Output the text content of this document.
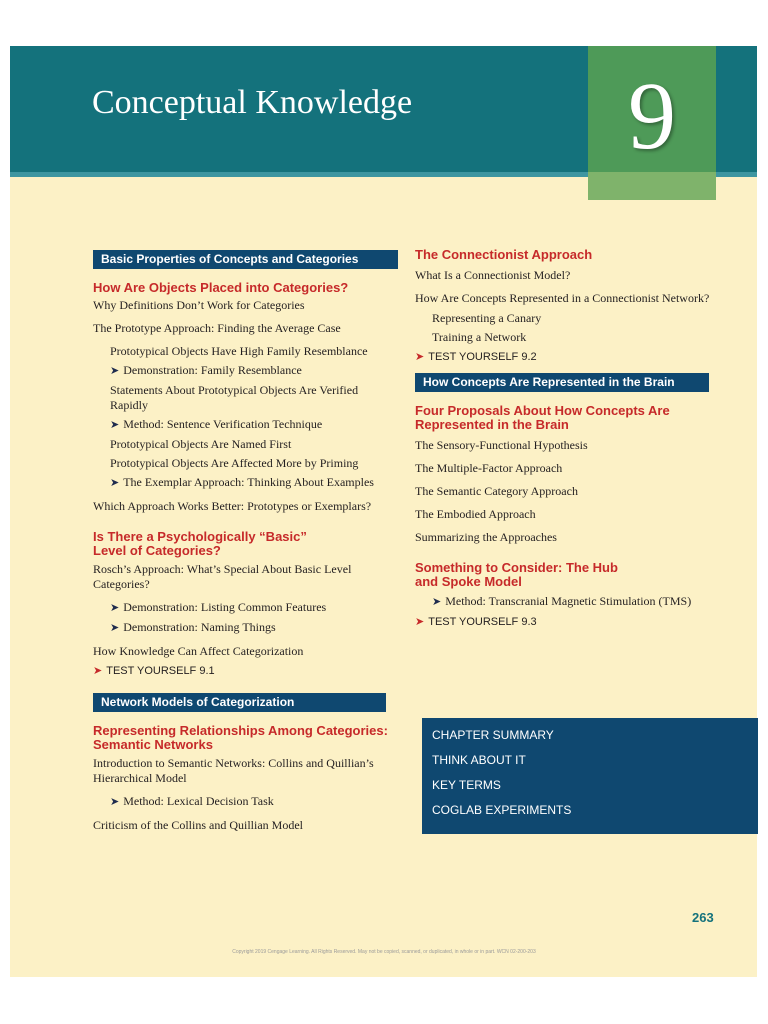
Conceptual Knowledge	9
Basic Properties of Concepts and Categories
How Are Objects Placed into Categories?
Why Definitions Don’t Work for Categories
The Prototype Approach: Finding the Average Case
Prototypical Objects Have High Family Resemblance
➤ Demonstration: Family Resemblance
Statements About Prototypical Objects Are Verified Rapidly
➤ Method: Sentence Verification Technique
Prototypical Objects Are Named First
Prototypical Objects Are Affected More by Priming
➤ The Exemplar Approach: Thinking About Examples
Which Approach Works Better: Prototypes or Exemplars?
Is There a Psychologically “Basic”
Level of Categories?
Rosch’s Approach: What’s Special About Basic Level Categories?
➤ Demonstration: Listing Common Features
➤ Demonstration: Naming Things
How Knowledge Can Affect Categorization
➤ TEST YOURSELF 9.1
Network Models of Categorization
Representing Relationships Among Categories:
Semantic Networks
Introduction to Semantic Networks: Collins and Quillian’s Hierarchical Model
➤ Method: Lexical Decision Task
Criticism of the Collins and Quillian Model
The Connectionist Approach
What Is a Connectionist Model?
How Are Concepts Represented in a Connectionist Network?
Representing a Canary
Training a Network
➤ TEST YOURSELF 9.2
How Concepts Are Represented in the Brain
Four Proposals About How Concepts Are
Represented in the Brain
The Sensory-Functional Hypothesis
The Multiple-Factor Approach
The Semantic Category Approach
The Embodied Approach
Summarizing the Approaches
Something to Consider: The Hub
and Spoke Model
➤ Method: Transcranial Magnetic Stimulation (TMS)
➤ TEST YOURSELF 9.3
CHAPTER SUMMARY
THINK ABOUT IT
KEY TERMS
COGLAB EXPERIMENTS
263
Copyright 2019 Cengage Learning. All Rights Reserved. May not be copied, scanned, or duplicated, in whole or in part. WCN 02-200-203
